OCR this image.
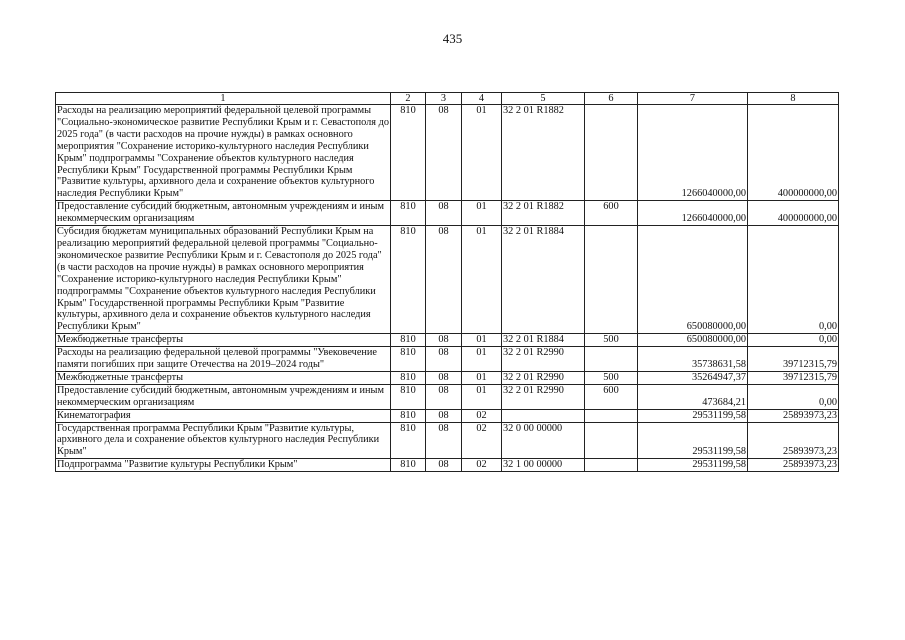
435
1	2	3	4	5	6	7	8
Расходы на реализацию мероприятий федеральной целевой программы "Социально-экономическое развитие Республики Крым и г. Севастополя до 2025 года" (в части расходов на прочие нужды) в рамках основного мероприятия "Сохранение историко-культурного наследия Республики Крым" подпрограммы "Сохранение объектов культурного наследия Республики Крым" Государственной программы Республики Крым "Развитие культуры, архивного дела и сохранение объектов культурного наследия Республики Крым"	810	08	01	32 2 01 R1882		1266040000,00	400000000,00
Предоставление субсидий бюджетным, автономным учреждениям и иным некоммерческим организациям	810	08	01	32 2 01 R1882	600	1266040000,00	400000000,00
Субсидия бюджетам муниципальных образований Республики Крым на реализацию мероприятий федеральной целевой программы "Социально-экономическое развитие Республики Крым и г. Севастополя до 2025 года" (в части расходов на прочие нужды) в рамках основного мероприятия "Сохранение историко-культурного наследия Республики Крым" подпрограммы "Сохранение объектов культурного наследия Республики Крым" Государственной программы Республики Крым "Развитие культуры, архивного дела и сохранение объектов культурного наследия Республики Крым"	810	08	01	32 2 01 R1884		650080000,00	0,00
Межбюджетные трансферты	810	08	01	32 2 01 R1884	500	650080000,00	0,00
Расходы на реализацию федеральной целевой программы "Увековечение памяти погибших при защите Отечества на 2019–2024 годы"	810	08	01	32 2 01 R2990		35738631,58	39712315,79
Межбюджетные трансферты	810	08	01	32 2 01 R2990	500	35264947,37	39712315,79
Предоставление субсидий бюджетным, автономным учреждениям и иным некоммерческим организациям	810	08	01	32 2 01 R2990	600	473684,21	0,00
Кинематография	810	08	02			29531199,58	25893973,23
Государственная программа Республики Крым "Развитие культуры, архивного дела и сохранение объектов культурного наследия Республики Крым"	810	08	02	32 0 00 00000		29531199,58	25893973,23
Подпрограмма "Развитие культуры Республики Крым"	810	08	02	32 1 00 00000		29531199,58	25893973,23
